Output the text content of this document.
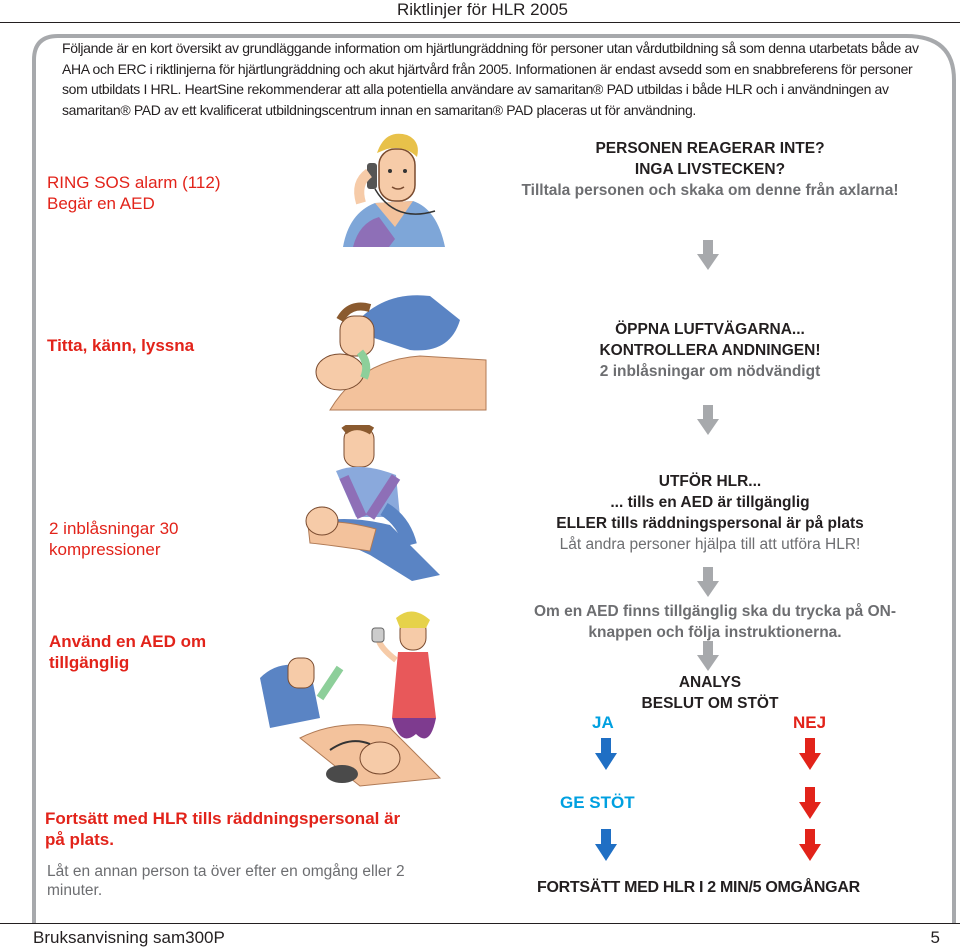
Riktlinjer för HLR 2005

Följande är en kort översikt av grundläggande information om hjärtlungräddning för personer utan vårdutbildning så som denna utarbetats både av AHA och ERC i riktlinjerna för hjärtlungräddning och akut hjärtvård från 2005. Informationen är endast avsedd som en snabbreferens för personer som utbildats I HRL. HeartSine rekommenderar att alla potentiella användare av samaritan® PAD utbildas i både HLR och i användningen av samaritan® PAD av ett kvalificerat utbildningscentrum innan en samaritan® PAD placeras ut för användning.

RING SOS alarm (112)
Begär en AED
PERSONEN REAGERAR INTE?
INGA LIVSTECKEN?
Tilltala personen och skaka om denne från axlarna!
Titta, känn, lyssna
ÖPPNA LUFTVÄGARNA...
KONTROLLERA ANDNINGEN!
2 inblåsningar om nödvändigt
2 inblåsningar 30
kompressioner
UTFÖR HLR...
... tills en AED är tillgänglig
ELLER tills räddningspersonal är på plats
Låt andra personer hjälpa till att utföra HLR!
Använd en AED om
tillgänglig
Om en AED finns tillgänglig ska du trycka på ON-
knappen och följa instruktionerna.
ANALYS
BESLUT OM STÖT
JA	NEJ
Fortsätt med HLR tills räddningspersonal är
på plats.
Låt en annan person ta över efter en omgång eller 2
minuter.
GE STÖT
FORTSÄTT MED HLR I 2 MIN/5 OMGÅNGAR
Bruksanvisning sam300P	5
